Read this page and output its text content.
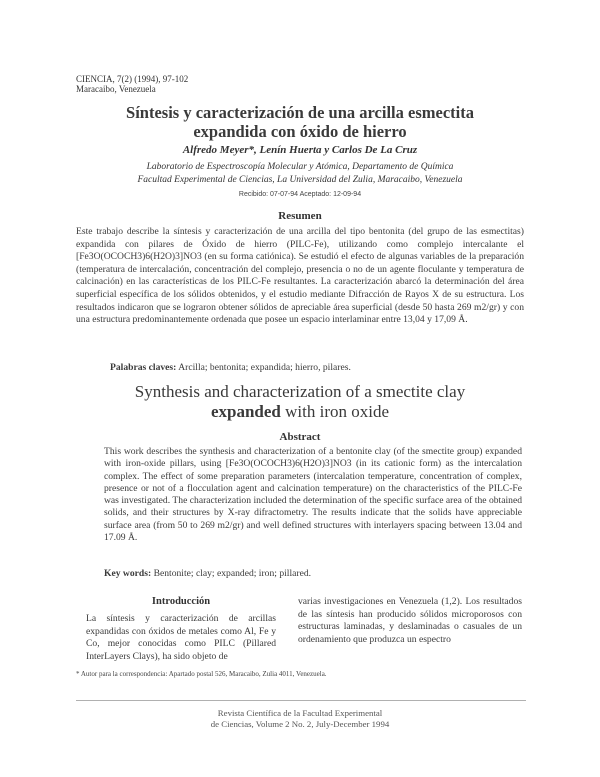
CIENCIA, 7(2) (1994), 97-102
Maracaibo, Venezuela
Síntesis y caracterización de una arcilla esmectita
expandida con óxido de hierro
Alfredo Meyer*, Lenín Huerta y Carlos De La Cruz
Laboratorio de Espectroscopía Molecular y Atómica, Departamento de Química
Facultad Experimental de Ciencias, La Universidad del Zulia, Maracaibo, Venezuela
Recibido: 07-07-94 Aceptado: 12-09-94
Resumen
Este trabajo describe la síntesis y caracterización de una arcilla del tipo bentonita (del grupo de las esmectitas) expandida con pilares de Óxido de hierro (PILC-Fe), utilizando como complejo intercalante el [Fe3O(OCOCH3)6(H2O)3]NO3 (en su forma catiónica). Se estudió el efecto de algunas variables de la preparación (temperatura de intercalación, concentración del complejo, presencia o no de un agente floculante y temperatura de calcinación) en las características de los PILC-Fe resultantes. La caracterización abarcó la determinación del área superficial específica de los sólidos obtenidos, y el estudio mediante Difracción de Rayos X de su estructura. Los resultados indicaron que se lograron obtener sólidos de apreciable área superficial (desde 50 hasta 269 m2/gr) y con una estructura predominantemente ordenada que posee un espacio interlaminar entre 13,04 y 17,09 Å.
Palabras claves: Arcilla; bentonita; expandida; hierro, pilares.
Synthesis and characterization of a smectite clay
expanded with iron oxide
Abstract
This work describes the synthesis and characterization of a bentonite clay (of the smectite group) expanded with iron-oxide pillars, using [Fe3O(OCOCH3)6(H2O)3]NO3 (in its cationic form) as the intercalation complex. The effect of some preparation parameters (intercalation temperature, concentration of complex, presence or not of a flocculation agent and calcination temperature) on the characteristics of the PILC-Fe was investigated. The characterization included the determination of the specific surface area of the obtained solids, and their structures by X-ray difractometry. The results indicate that the solids have appreciable surface area (from 50 to 269 m2/gr) and well defined structures with interlayers spacing between 13.04 and 17.09 Å.
Key words: Bentonite; clay; expanded; iron; pillared.
Introducción
La síntesis y caracterización de arcillas expandidas con óxidos de metales como Al, Fe y Co, mejor conocidas como PILC (Pillared InterLayers Clays), ha sido objeto de
varias investigaciones en Venezuela (1,2). Los resultados de las síntesis han producido sólidos microporosos con estructuras laminadas, y deslaminadas o casuales de un ordenamiento que produzca un espectro
* Autor para la correspondencia: Apartado postal 526, Maracaibo, Zulia 4011, Venezuela.
Revista Científica de la Facultad Experimental
de Ciencias, Volume 2 No. 2, July-December 1994
